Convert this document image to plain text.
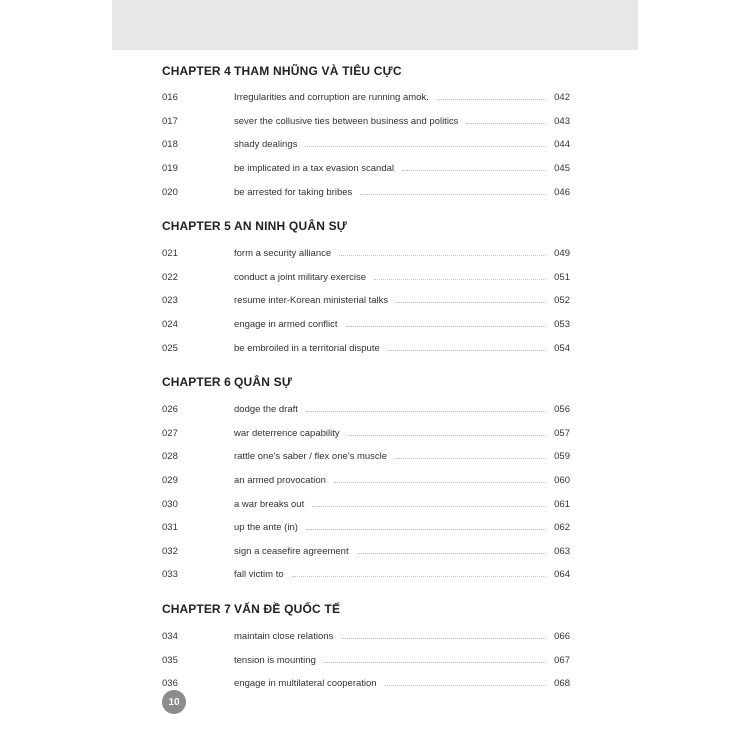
CHAPTER 4 THAM NHŨNG VÀ TIÊU CỰC
016	Irregularities and corruption are running amok.	042
017	sever the collusive ties between business and politics	043
018	shady dealings	044
019	be implicated in a tax evasion scandal	045
020	be arrested for taking bribes	046
CHAPTER 5 AN NINH QUÂN SỰ
021	form a security alliance	049
022	conduct a joint military exercise	051
023	resume inter-Korean ministerial talks	052
024	engage in armed conflict	053
025	be embroiled in a territorial dispute	054
CHAPTER 6 QUÂN SỰ
026	dodge the draft	056
027	war deterrence capability	057
028	rattle one's saber / flex one's muscle	059
029	an armed provocation	060
030	a war breaks out	061
031	up the ante (in)	062
032	sign a ceasefire agreement	063
033	fall victim to	064
CHAPTER 7 VẤN ĐỀ QUỐC TẾ
034	maintain close relations	066
035	tension is mounting	067
036	engage in multilateral cooperation	068
10
